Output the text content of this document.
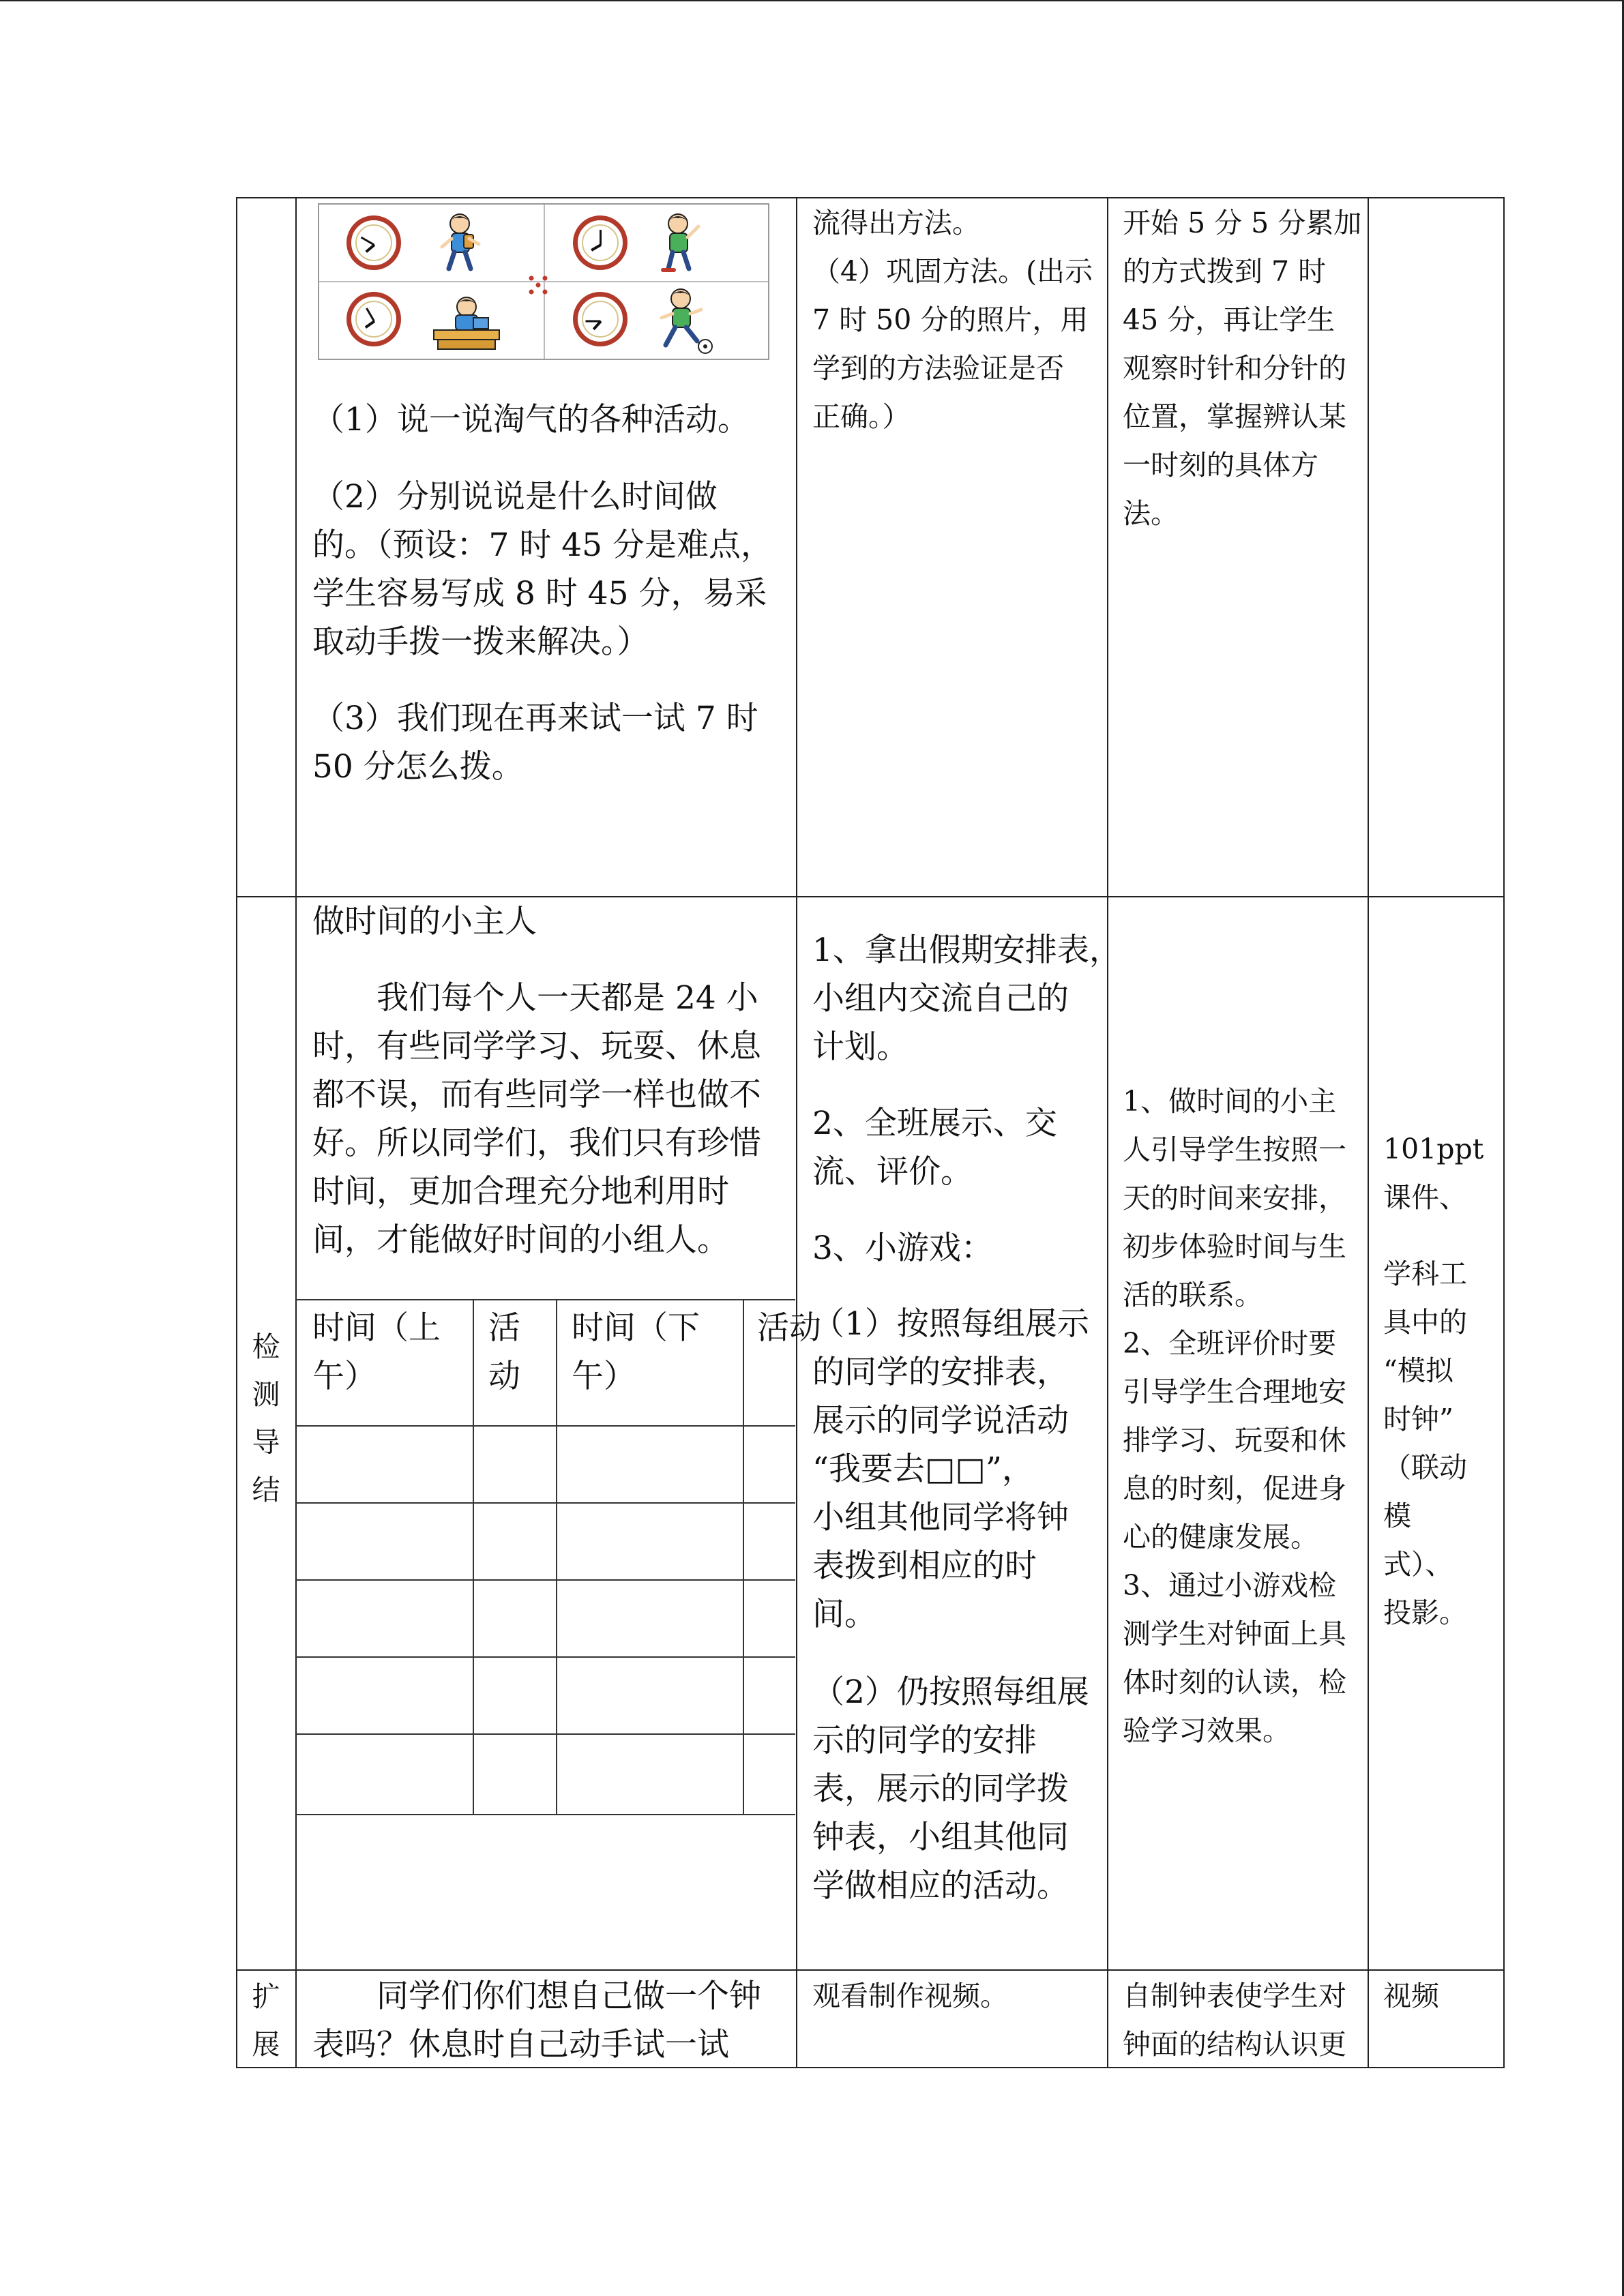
（1）说一说淘气的各种活动。
（2）分别说说是什么时间做
的。（预设：7 时 45 分是难点，
学生容易写成 8 时 45 分，易采
取动手拨一拨来解决。）
（3）我们现在再来试一试 7 时
50 分怎么拨。
流得出方法。
（4）巩固方法。(出示
7 时 50 分的照片，用
学到的方法验证是否
正确。）
开始 5 分 5 分累加
的方式拨到 7 时
45 分，再让学生
观察时针和分针的
位置，掌握辨认某
一时刻的具体方
法。
检
测
导
结
做时间的小主人
我们每个人一天都是 24 小
时，有些同学学习、玩耍、休息
都不误，而有些同学一样也做不
好。所以同学们，我们只有珍惜
时间，更加合理充分地利用时
间，才能做好时间的小组人。
时间（上
午）
活
动
时间（下
午）
活动
1、拿出假期安排表，
小组内交流自己的
计划。
2、全班展示、交
流、评价。
3、小游戏：
（1）按照每组展示
的同学的安排表，
展示的同学说活动
“我要去□□”，
小组其他同学将钟
表拨到相应的时
间。
（2）仍按照每组展
示的同学的安排
表，展示的同学拨
钟表，小组其他同
学做相应的活动。
1、做时间的小主
人引导学生按照一
天的时间来安排，
初步体验时间与生
活的联系。
2、全班评价时要
引导学生合理地安
排学习、玩耍和休
息的时刻，促进身
心的健康发展。
3、通过小游戏检
测学生对钟面上具
体时刻的认读，检
验学习效果。
101ppt
课件、
学科工
具中的
“模拟
时钟”
（联动
模
式）、
投影。
扩
展
同学们你们想自己做一个钟
表吗？休息时自己动手试一试
观看制作视频。	自制钟表使学生对
钟面的结构认识更
视频
